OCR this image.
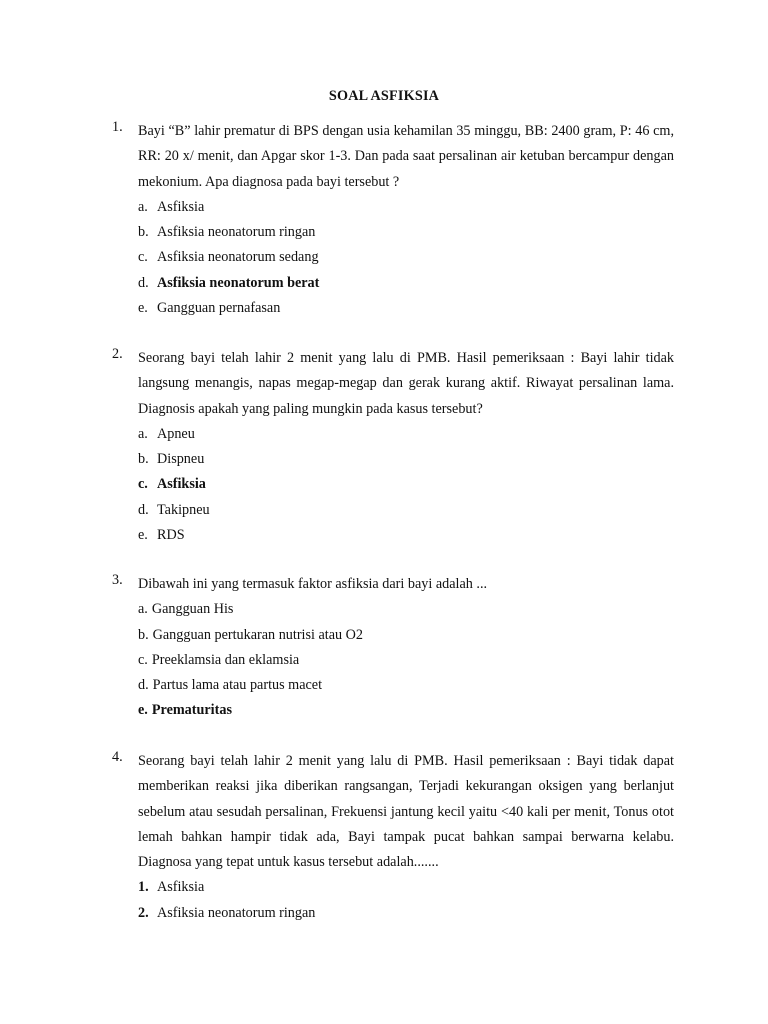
SOAL ASFIKSIA
1.	Bayi “B” lahir prematur di BPS dengan usia kehamilan 35 minggu, BB: 2400 gram, P: 46 cm, RR: 20 x/ menit, dan Apgar skor 1-3. Dan pada saat persalinan air ketuban bercampur dengan mekonium. Apa diagnosa pada bayi tersebut ?
a. Asfiksia
b. Asfiksia neonatorum ringan
c. Asfiksia neonatorum sedang
d. Asfiksia neonatorum berat
e. Gangguan pernafasan
2.	Seorang bayi telah lahir 2 menit yang lalu di PMB. Hasil pemeriksaan : Bayi lahir tidak langsung menangis, napas megap-megap dan gerak kurang aktif. Riwayat persalinan lama. Diagnosis apakah yang paling mungkin pada kasus tersebut?
a. Apneu
b. Dispneu
c. Asfiksia
d. Takipneu
e. RDS
3.	Dibawah ini yang termasuk faktor asfiksia dari bayi adalah ...
a. Gangguan His
b. Gangguan pertukaran nutrisi atau O2
c. Preeklamsia dan eklamsia
d. Partus lama atau partus macet
e. Prematuritas
4.	Seorang bayi telah lahir 2 menit yang lalu di PMB. Hasil pemeriksaan : Bayi tidak dapat memberikan reaksi jika diberikan rangsangan, Terjadi kekurangan oksigen yang berlanjut sebelum atau sesudah persalinan, Frekuensi jantung kecil yaitu <40 kali per menit, Tonus otot lemah bahkan hampir tidak ada, Bayi tampak pucat bahkan sampai berwarna kelabu. Diagnosa yang tepat untuk kasus tersebut adalah.......
1. Asfiksia
2. Asfiksia neonatorum ringan
